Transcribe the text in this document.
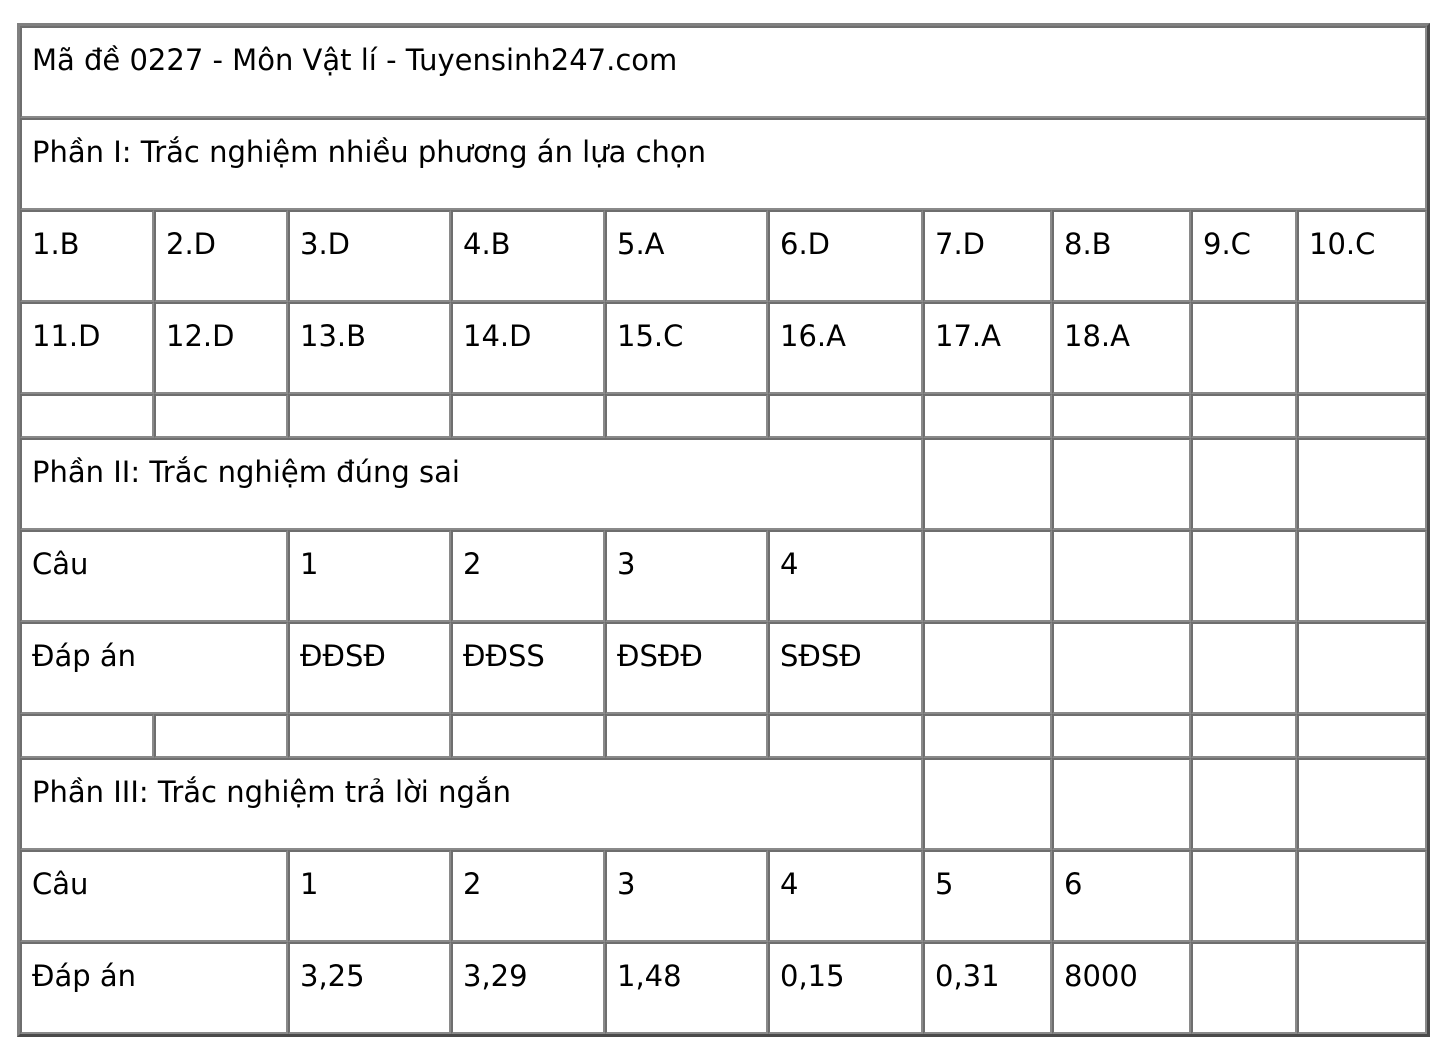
Mã đề 0227 - Môn Vật lí - Tuyensinh247.com									
Phần I: Trắc nghiệm nhiều phương án lựa chọn									
1.B	2.D	3.D	4.B	5.A	6.D	7.D	8.B	9.C	10.C
11.D	12.D	13.B	14.D	15.C	16.A	17.A	18.A		

Phần II: Trắc nghiệm đúng sai									
Câu		1	2	3	4				
Đáp án		ĐĐSĐ	ĐĐSS	ĐSĐĐ	SĐSĐ				

Phần III: Trắc nghiệm trả lời ngắn									
Câu		1	2	3	4	5	6		
Đáp án		3,25	3,29	1,48	0,15	0,31	8000		
